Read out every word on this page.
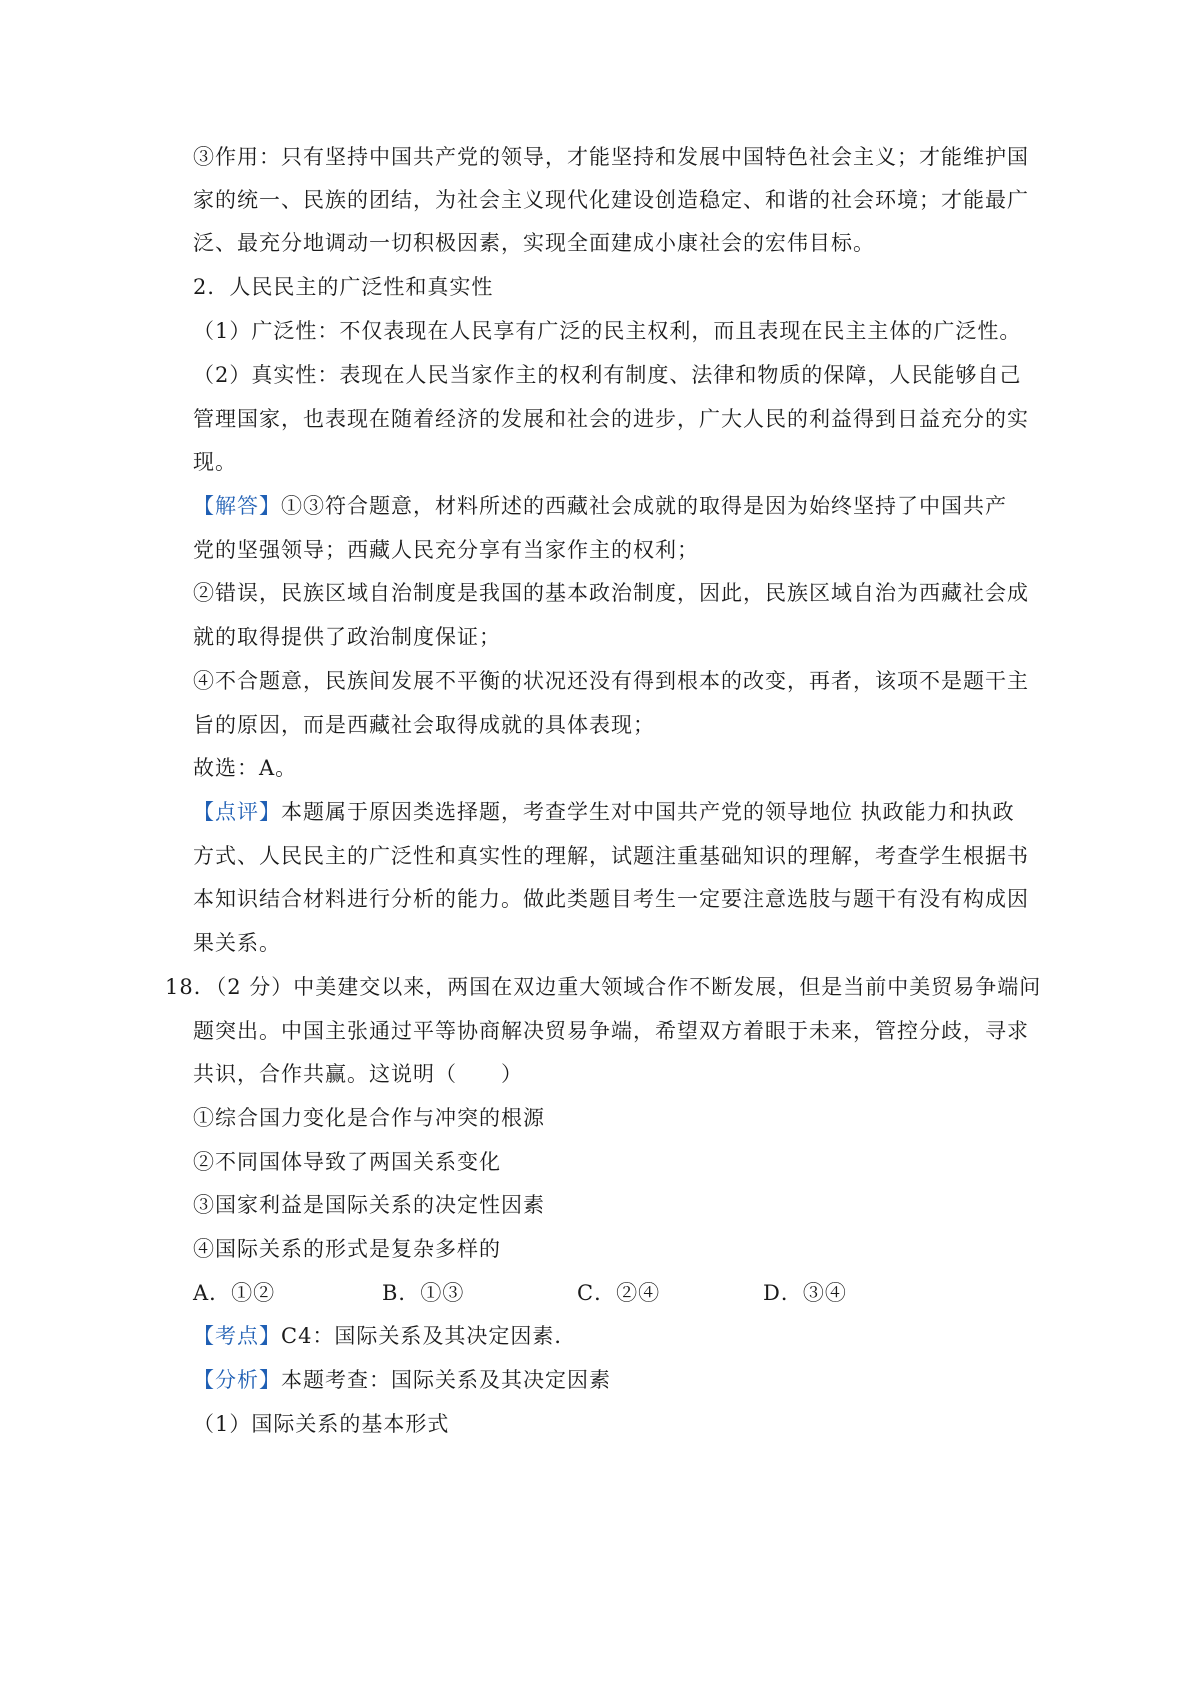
③作用：只有坚持中国共产党的领导，才能坚持和发展中国特色社会主义；才能维护国
家的统一、民族的团结，为社会主义现代化建设创造稳定、和谐的社会环境；才能最广
泛、最充分地调动一切积极因素，实现全面建成小康社会的宏伟目标。
2．人民民主的广泛性和真实性
（1）广泛性：不仅表现在人民享有广泛的民主权利，而且表现在民主主体的广泛性。
（2）真实性：表现在人民当家作主的权利有制度、法律和物质的保障，人民能够自己
管理国家，也表现在随着经济的发展和社会的进步，广大人民的利益得到日益充分的实
现。
【解答】①③符合题意，材料所述的西藏社会成就的取得是因为始终坚持了中国共产
党的坚强领导；西藏人民充分享有当家作主的权利；
②错误，民族区域自治制度是我国的基本政治制度，因此，民族区域自治为西藏社会成
就的取得提供了政治制度保证；
④不合题意，民族间发展不平衡的状况还没有得到根本的改变，再者，该项不是题干主
旨的原因，而是西藏社会取得成就的具体表现；
故选：A。
【点评】本题属于原因类选择题，考查学生对中国共产党的领导地位 执政能力和执政
方式、人民民主的广泛性和真实性的理解，试题注重基础知识的理解，考查学生根据书
本知识结合材料进行分析的能力。做此类题目考生一定要注意选肢与题干有没有构成因
果关系。
18．（2 分）中美建交以来，两国在双边重大领域合作不断发展，但是当前中美贸易争端问
题突出。中国主张通过平等协商解决贸易争端，希望双方着眼于未来，管控分歧，寻求
共识，合作共赢。这说明（　　）
①综合国力变化是合作与冲突的根源
②不同国体导致了两国关系变化
③国家利益是国际关系的决定性因素
④国际关系的形式是复杂多样的
A．①②	B．①③	C．②④	D．③④
【考点】C4：国际关系及其决定因素．
【分析】本题考查：国际关系及其决定因素
（1）国际关系的基本形式
